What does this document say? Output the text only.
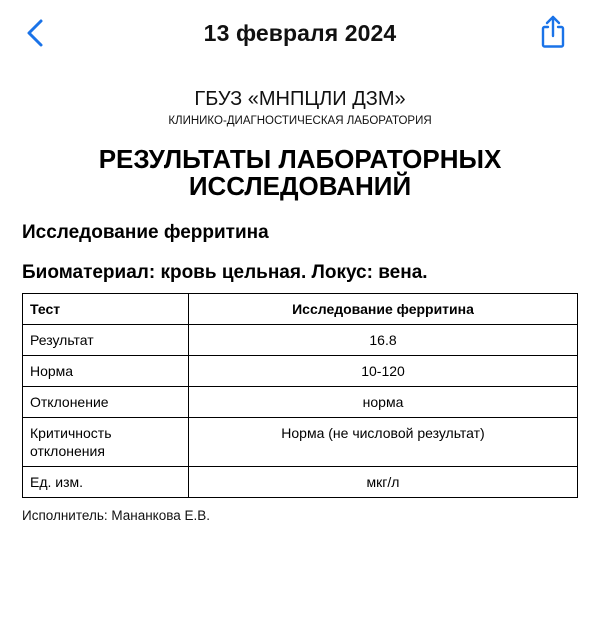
13 февраля 2024
ГБУЗ «МНПЦЛИ ДЗМ»
КЛИНИКО-ДИАГНОСТИЧЕСКАЯ ЛАБОРАТОРИЯ
РЕЗУЛЬТАТЫ ЛАБОРАТОРНЫХ
ИССЛЕДОВАНИЙ
Исследование ферритина
Биоматериал: кровь цельная. Локус: вена.
Тест	Исследование ферритина
Результат	16.8
Норма	10-120
Отклонение	норма

Критичность
отклонения	Норма (не числовой результат)
Ед. изм.	мкг/л
Исполнитель: Мананкова Е.В.
